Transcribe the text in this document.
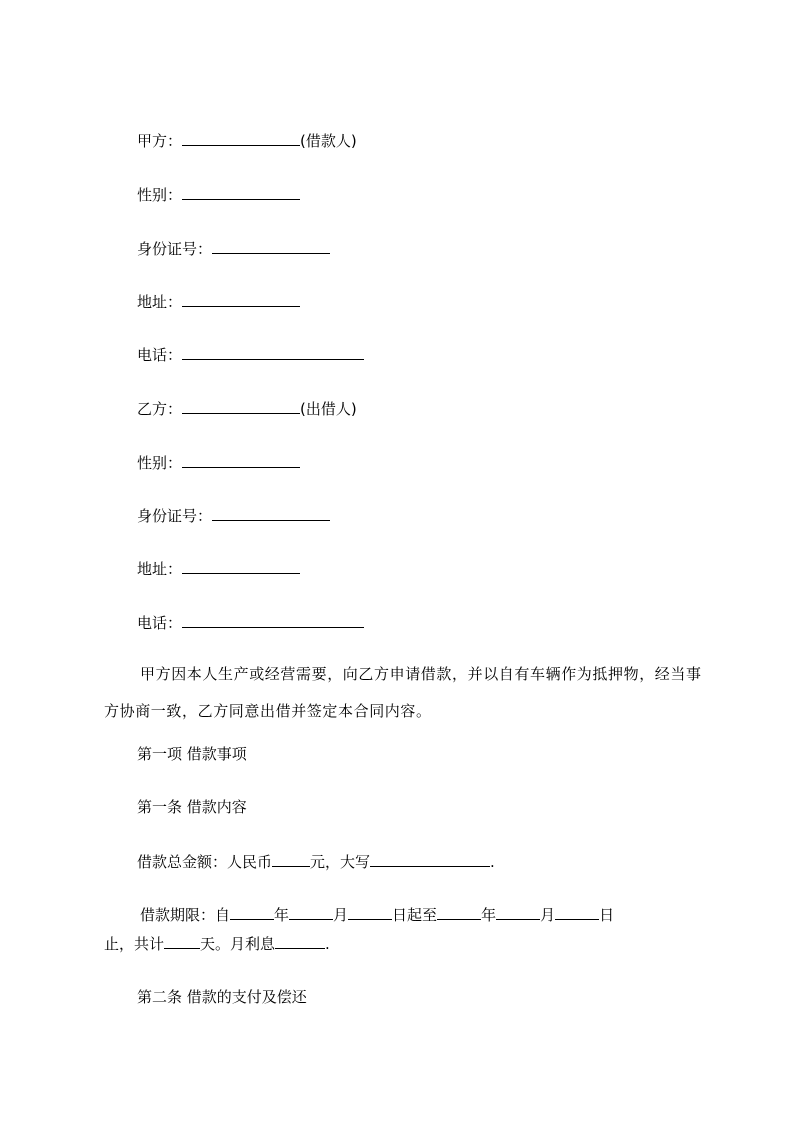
甲方：	(借款人)
性别：
身份证号：
地址：
电话：
乙方：	(出借人)
性别：
身份证号：
地址：
电话：
甲方因本人生产或经营需要，向乙方申请借款，并以自有车辆作为抵押物，经当事方协商一致，乙方同意出借并签定本合同内容。
第一项 借款事项
第一条 借款内容
借款总金额：人民币	元，大写	.
借款期限：自	年	月	日起至	年	月	日
止，共计 天。月利息	.
第二条 借款的支付及偿还
